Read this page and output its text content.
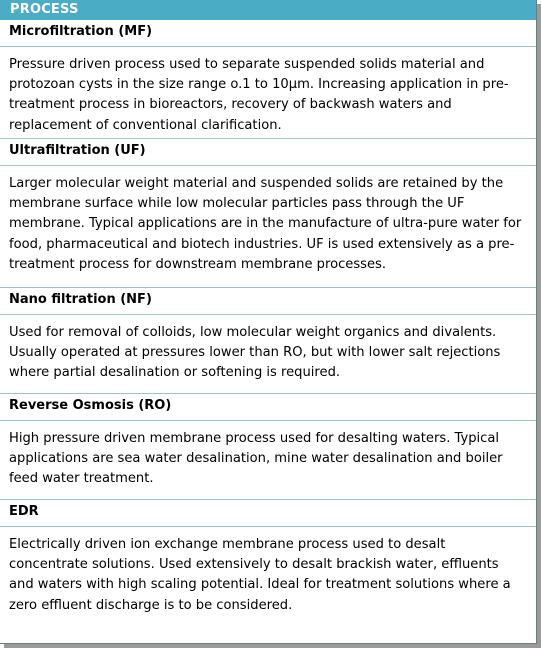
PROCESS
Microfiltration (MF)
Pressure driven process used to separate suspended solids material and protozoan cysts in the size range o.1 to 10µm. Increasing application in pre-treatment process in bioreactors, recovery of backwash waters and replacement of conventional clarification.
Ultrafiltration (UF)
Larger molecular weight material and suspended solids are retained by the membrane surface while low molecular particles pass through the UF membrane. Typical applications are in the manufacture of ultra-pure water for food, pharmaceutical and biotech industries. UF is used extensively as a pre-treatment process for downstream membrane processes.
Nano filtration (NF)
Used for removal of colloids, low molecular weight organics and divalents. Usually operated at pressures lower than RO, but with lower salt rejections where partial desalination or softening is required.
Reverse Osmosis (RO)
High pressure driven membrane process used for desalting waters. Typical applications are sea water desalination, mine water desalination and boiler feed water treatment.
EDR
Electrically driven ion exchange membrane process used to desalt concentrate solutions. Used extensively to desalt brackish water, effluents and waters with high scaling potential. Ideal for treatment solutions where a zero effluent discharge is to be considered.
